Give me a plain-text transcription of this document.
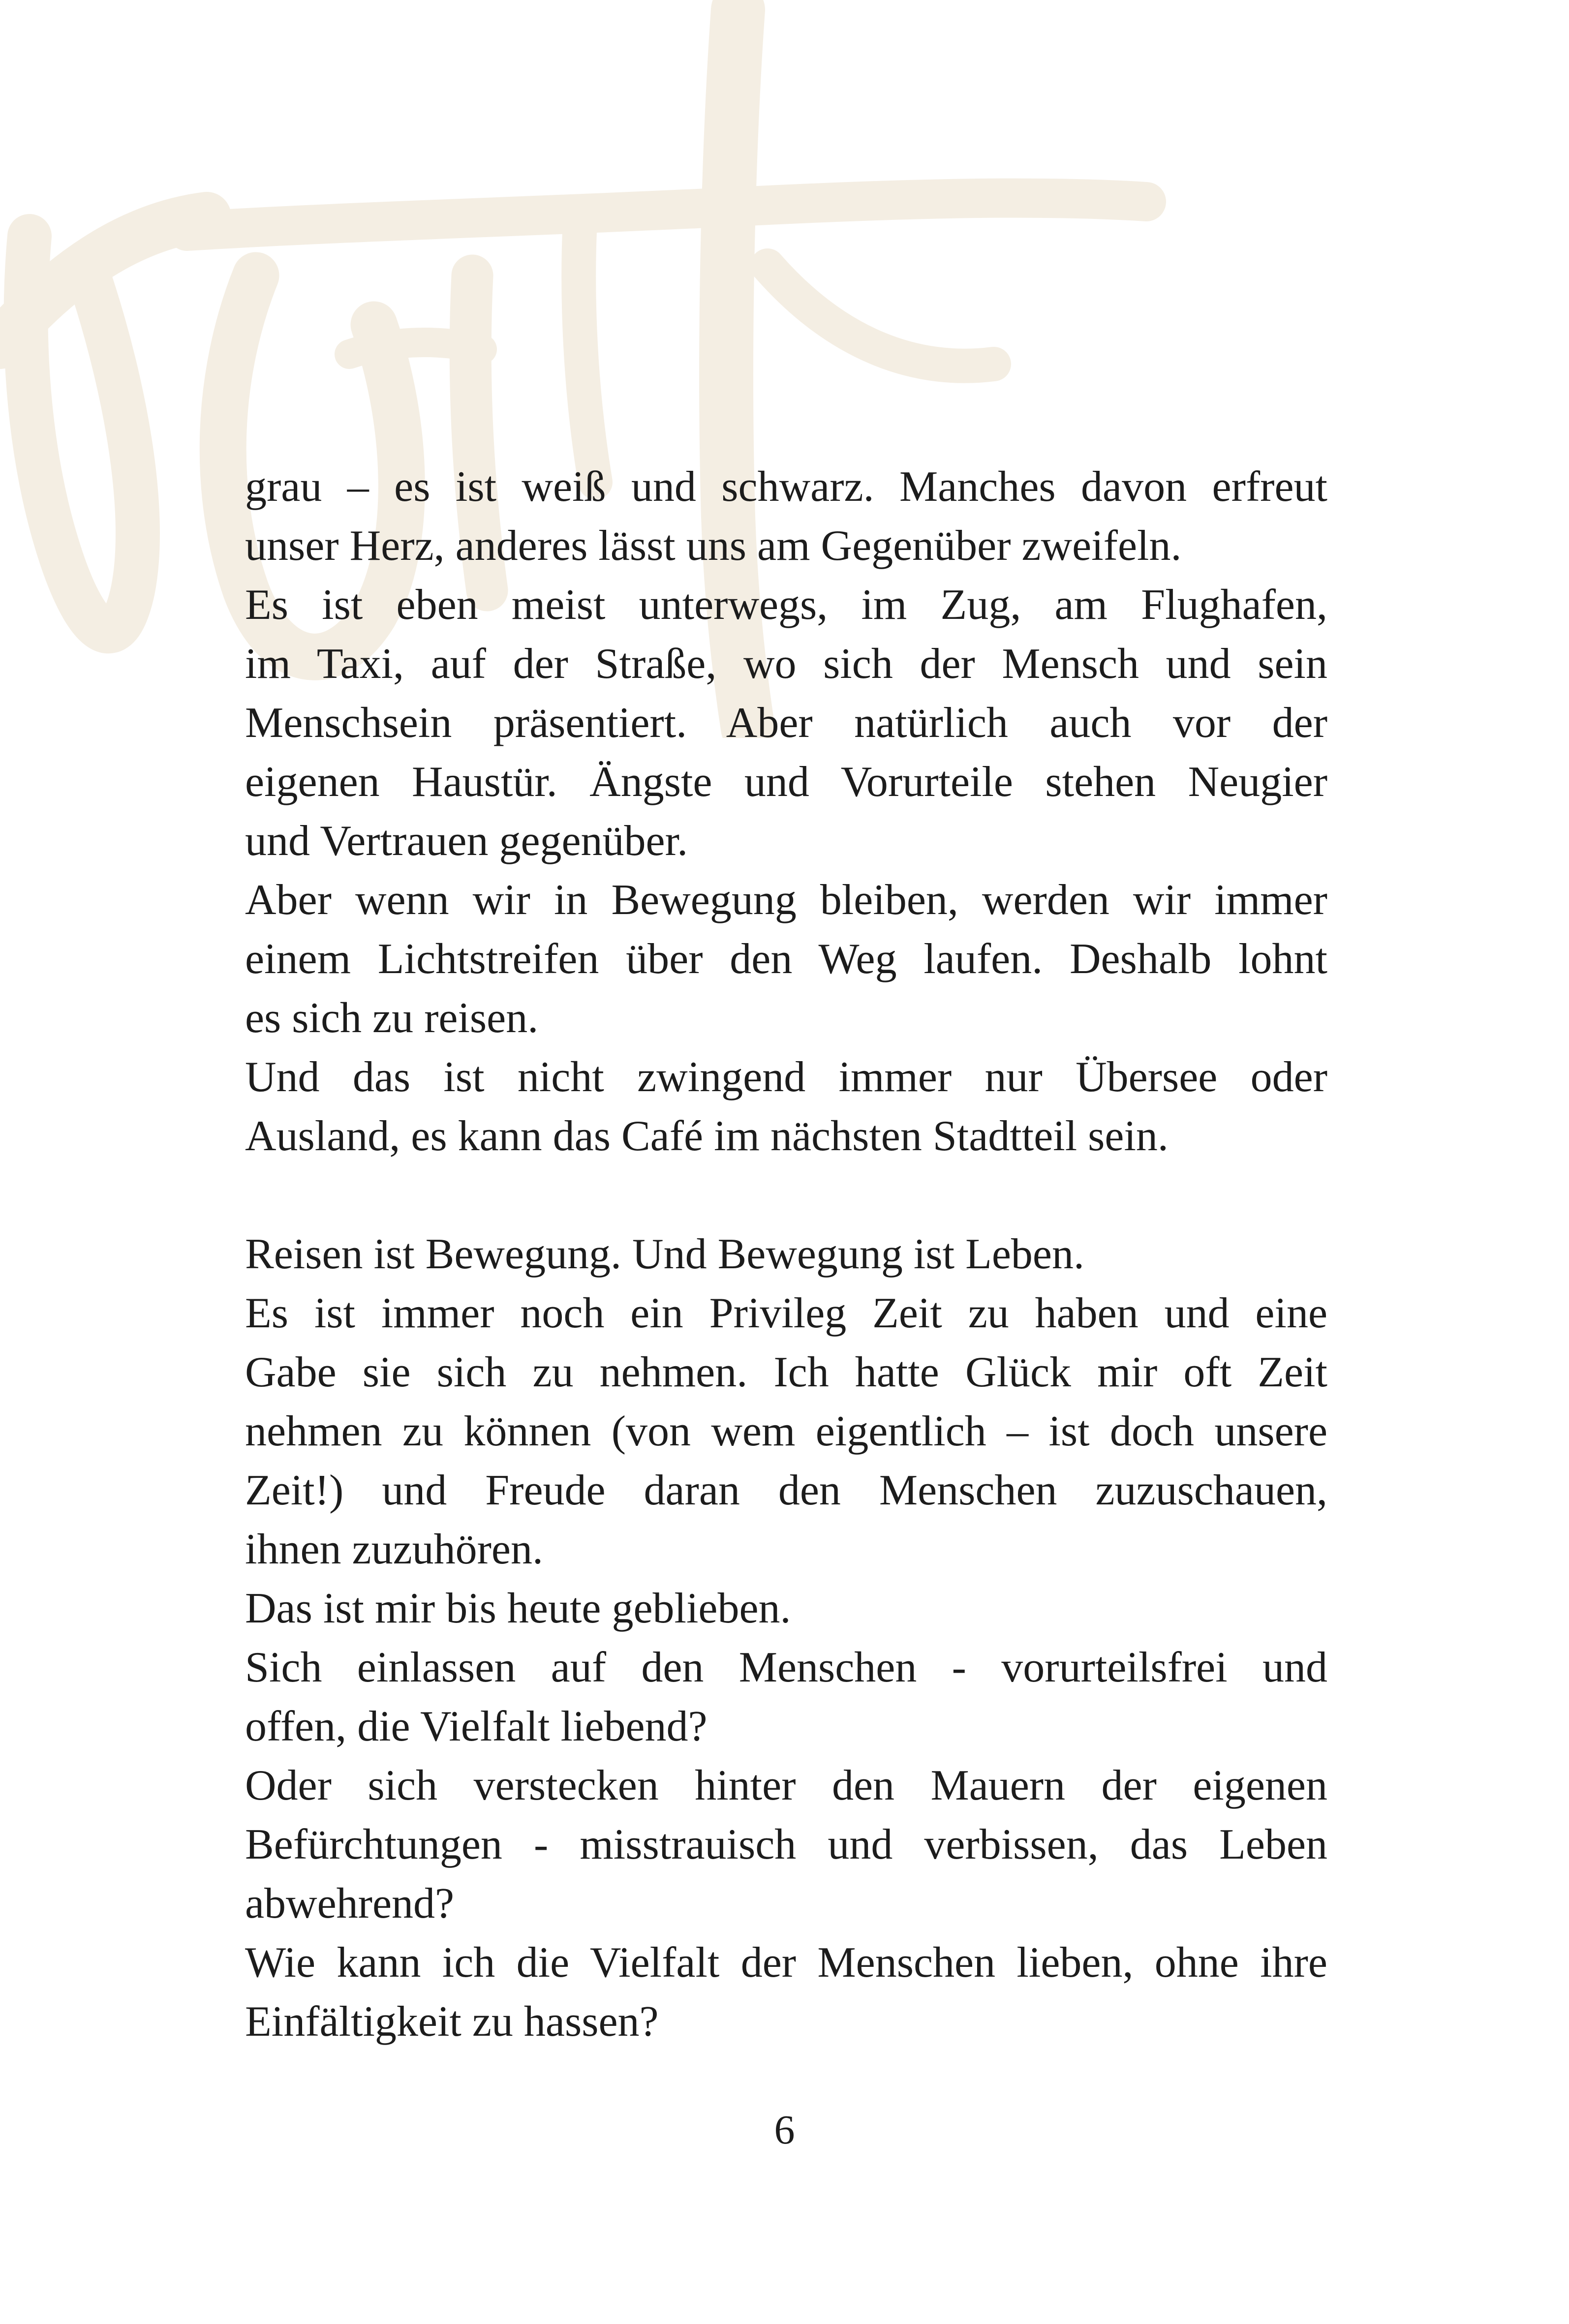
grau – es ist weiß und schwarz. Manches davon erfreut
unser Herz, anderes lässt uns am Gegenüber zweifeln.
Es ist eben meist unterwegs, im Zug, am Flughafen,
im Taxi, auf der Straße, wo sich der Mensch und sein
Menschsein präsentiert. Aber natürlich auch vor der
eigenen Haustür. Ängste und Vorurteile stehen Neugier
und Vertrauen gegenüber.
Aber wenn wir in Bewegung bleiben, werden wir immer
einem Lichtstreifen über den Weg laufen. Deshalb lohnt
es sich zu reisen.
Und das ist nicht zwingend immer nur Übersee oder
Ausland, es kann das Café im nächsten Stadtteil sein.
Reisen ist Bewegung. Und Bewegung ist Leben.
Es ist immer noch ein Privileg Zeit zu haben und eine
Gabe sie sich zu nehmen. Ich hatte Glück mir oft Zeit
nehmen zu können (von wem eigentlich – ist doch unsere
Zeit!) und Freude daran den Menschen zuzuschauen,
ihnen zuzuhören.
Das ist mir bis heute geblieben.
Sich einlassen auf den Menschen - vorurteilsfrei und
offen, die Vielfalt liebend?
Oder sich verstecken hinter den Mauern der eigenen
Befürchtungen - misstrauisch und verbissen, das Leben
abwehrend?
Wie kann ich die Vielfalt der Menschen lieben, ohne ihre
Einfältigkeit zu hassen?
6
